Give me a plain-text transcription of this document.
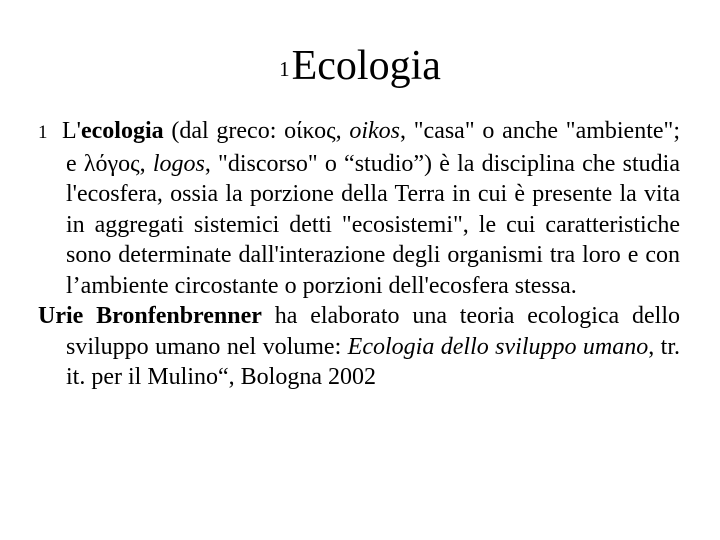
1Ecologia

1 L'ecologia (dal greco: οίκος, oikos, "casa" o anche "ambiente"; e λόγος, logos, "discorso" o “studio”) è la disciplina che studia l'ecosfera, ossia la porzione della Terra in cui è presente la vita in aggregati sistemici detti "ecosistemi", le cui caratteristiche sono determinate dall'interazione degli organismi tra loro e con l’ambiente circostante o porzioni dell'ecosfera stessa.

Urie Bronfenbrenner ha elaborato una teoria ecologica dello sviluppo umano nel volume: Ecologia dello sviluppo umano, tr. it. per il Mulino“, Bologna 2002
